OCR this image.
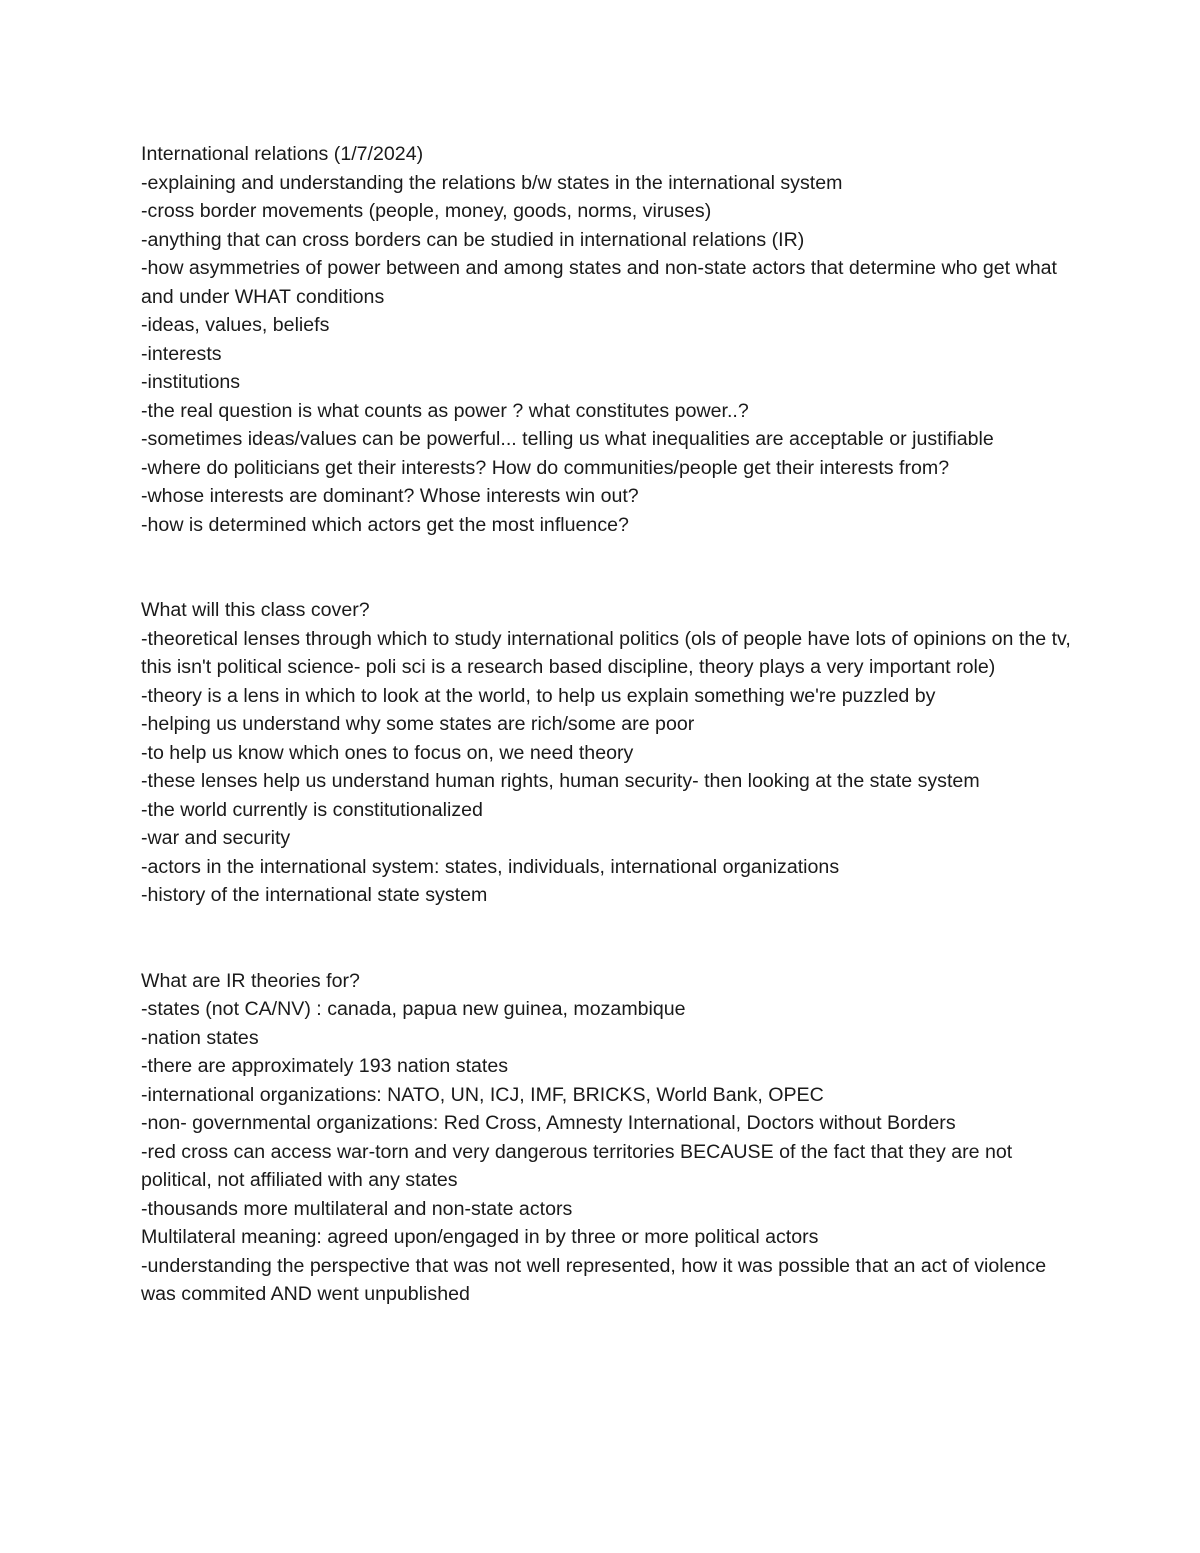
International relations (1/7/2024)

-explaining and understanding the relations b/w states in the international system

-cross border movements (people, money, goods, norms, viruses)

-anything that can cross borders can be studied in international relations (IR)

-how asymmetries of power between and among states and non-state actors that determine who get what and under WHAT conditions

-ideas, values, beliefs

-interests

-institutions

-the real question is what counts as power ? what constitutes power..?

-sometimes ideas/values can be powerful... telling us what inequalities are acceptable or justifiable

-where do politicians get their interests? How do communities/people get their interests from?

-whose interests are dominant? Whose interests win out?

-how is determined which actors get the most influence?

What will this class cover?

-theoretical lenses through which to study international politics (ols of people have lots of opinions on the tv, this isn't political science- poli sci is a research based discipline, theory plays a very important role)

-theory is a lens in which to look at the world, to help us explain something we're puzzled by

-helping us understand why some states are rich/some are poor

-to help us know which ones to focus on, we need theory

-these lenses help us understand human rights, human security- then looking at the state system

-the world currently is constitutionalized

-war and security

-actors in the international system: states, individuals, international organizations

-history of the international state system

What are IR theories for?

-states (not CA/NV) : canada, papua new guinea, mozambique

-nation states

-there are approximately 193 nation states

-international organizations: NATO, UN, ICJ, IMF, BRICKS, World Bank, OPEC

-non- governmental organizations: Red Cross, Amnesty International, Doctors without Borders

-red cross can access war-torn and very dangerous territories BECAUSE of the fact that they are not political, not affiliated with any states

-thousands more multilateral and non-state actors

Multilateral meaning: agreed upon/engaged in by three or more political actors

-understanding the perspective that was not well represented, how it was possible that an act of violence was commited AND went unpublished
